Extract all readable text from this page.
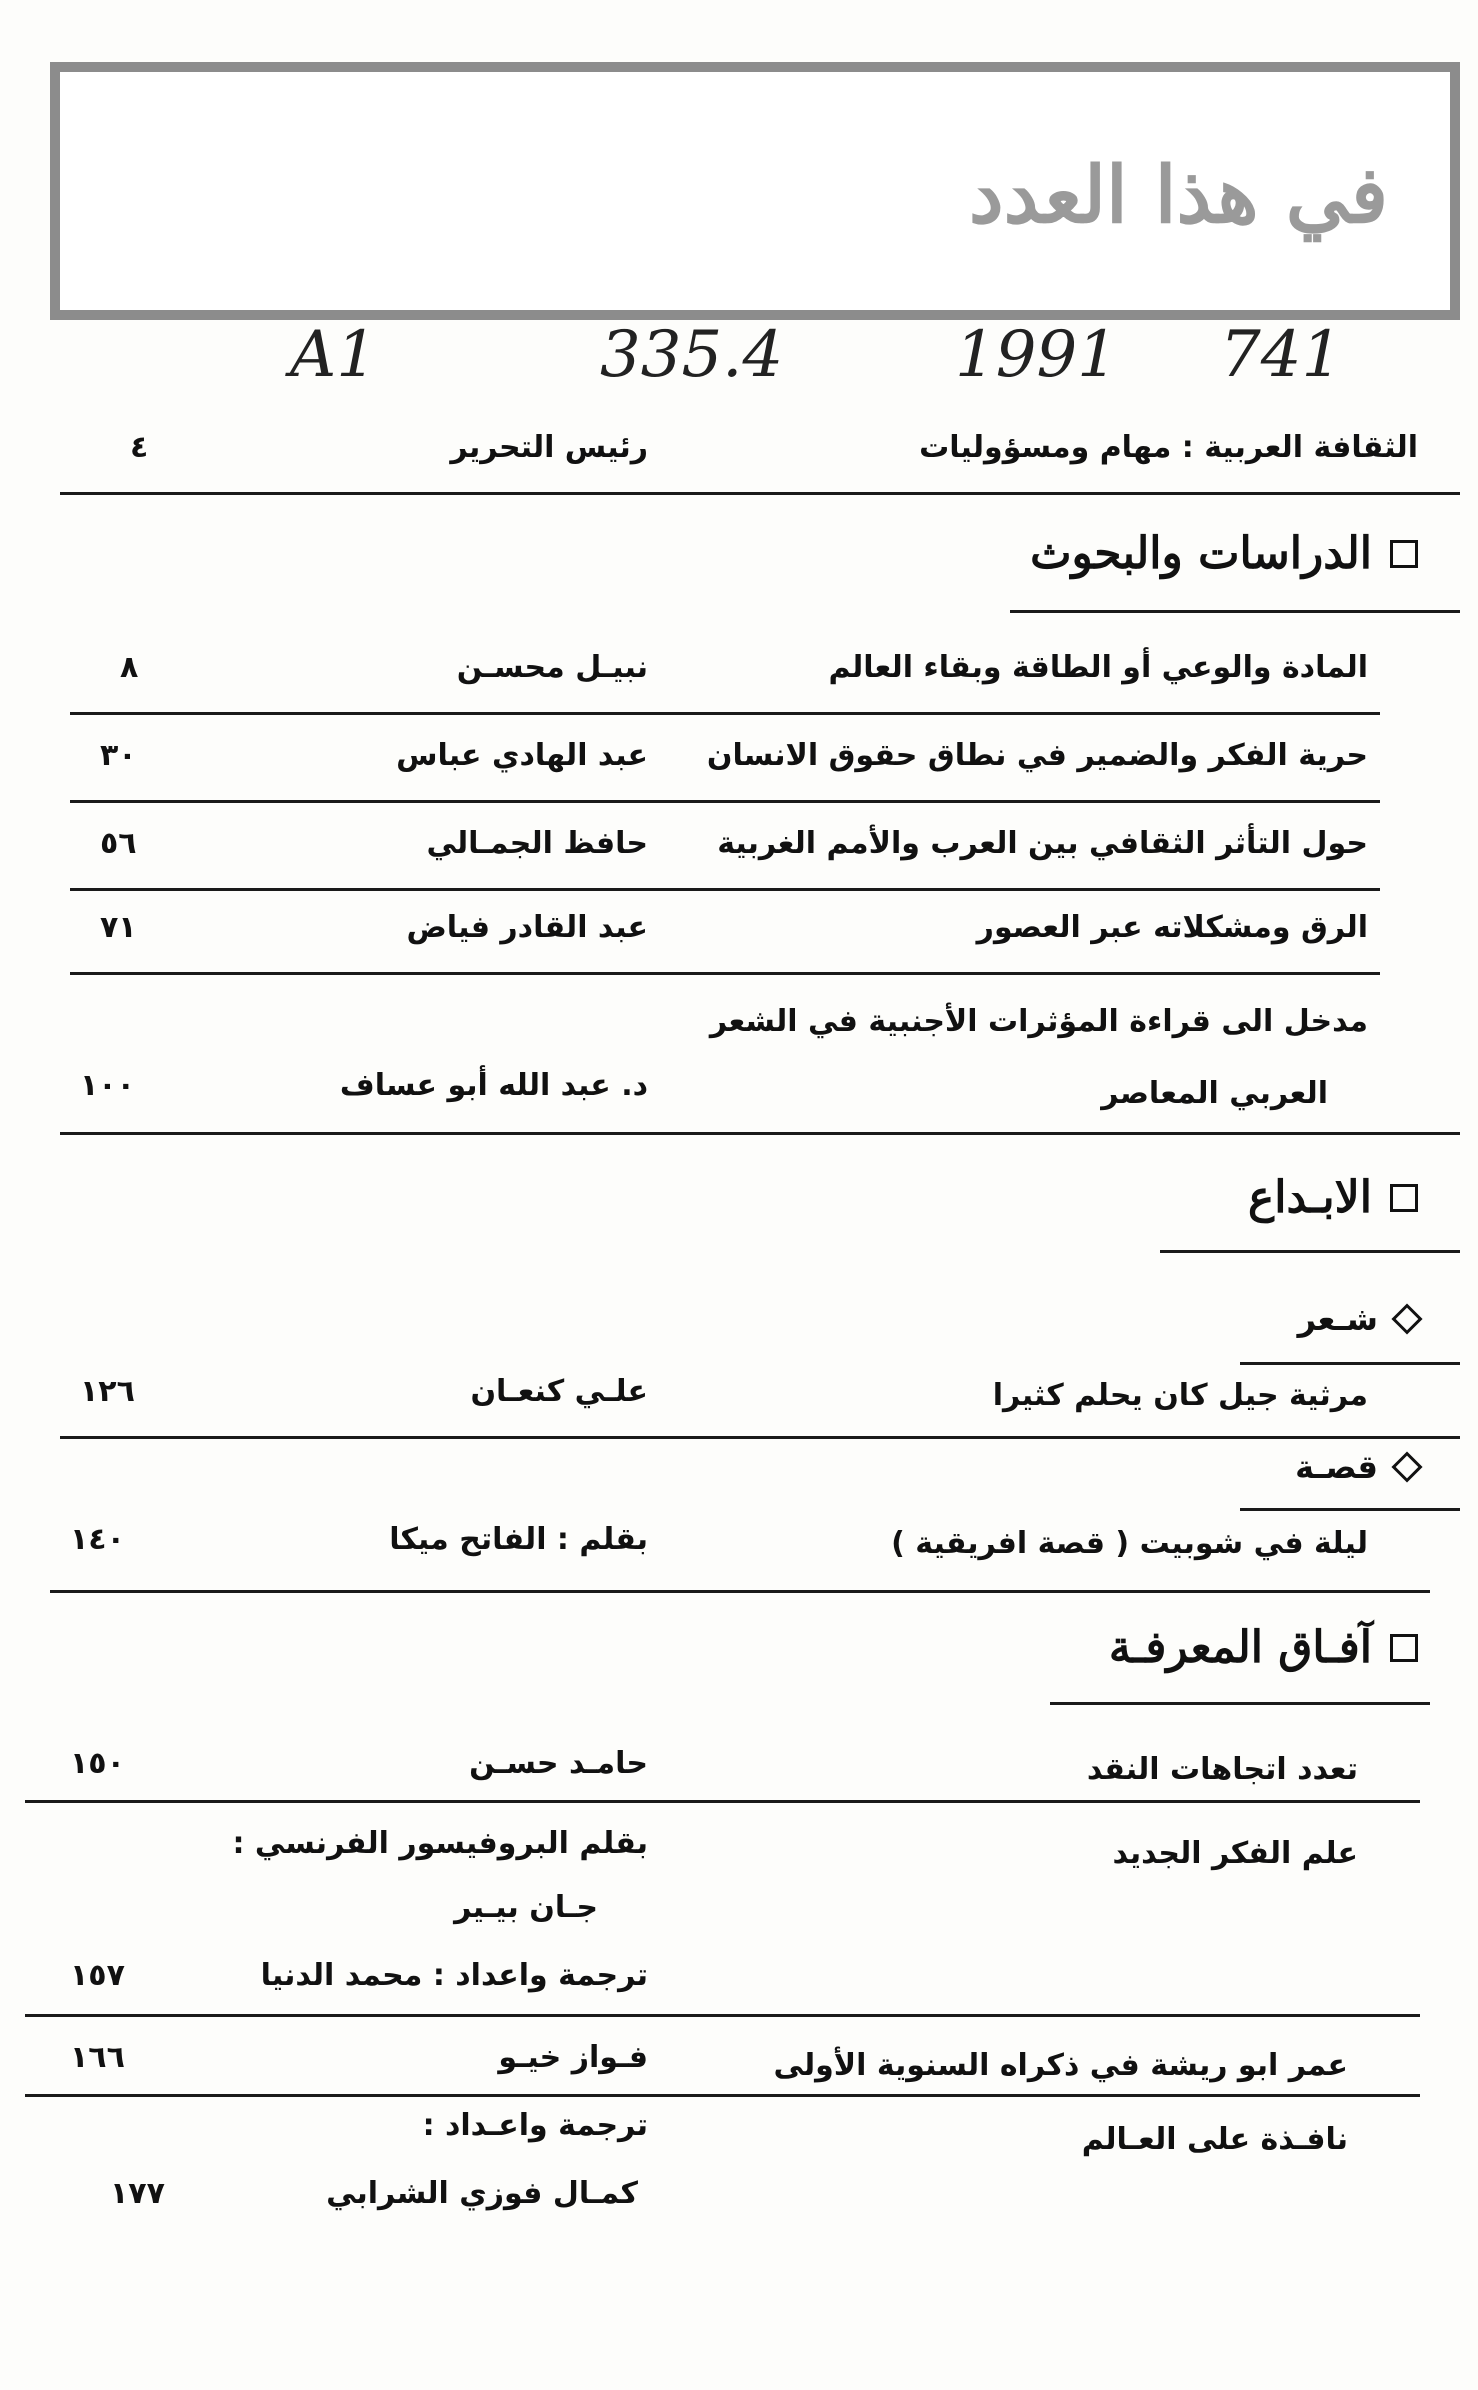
في هذا العدد
A1	335.4	1991 741
الثقافة العربية : مهام ومسؤوليات
رئيس التحرير
٤
الدراسات والبحوث
المادة والوعي أو الطاقة وبقاء العالم
نبيـل محسـن
٨
حرية الفكر والضمير في نطاق حقوق الانسان
عبد الهادي عباس
٣٠
حول التأثر الثقافي بين العرب والأمم الغربية
حافظ الجمـالي
٥٦
الرق ومشكلاته عبر العصور
عبد القادر فياض
٧١
مدخل الى قراءة المؤثرات الأجنبية في الشعر
العربي المعاصر
د. عبد الله أبو عساف
١٠٠
الابـداع
شـعر
مرثية جيل كان يحلم كثيرا
علـي كنعـان
١٢٦
قصـة
ليلة في شوبيت ( قصة افريقية )
بقلم : الفاتح ميكا
١٤٠
آفـاق المعرفـة
تعدد اتجاهات النقد
حامـد حسـن
١٥٠
علم الفكر الجديد
بقلم البروفيسور الفرنسي :
جـان بيـير
ترجمة واعداد : محمد الدنيا
١٥٧
عمر ابو ريشة في ذكراه السنوية الأولى
فـواز خيـو
١٦٦
نافـذة على العـالم
ترجمة واعـداد :
كمـال فوزي الشرابي
١٧٧
